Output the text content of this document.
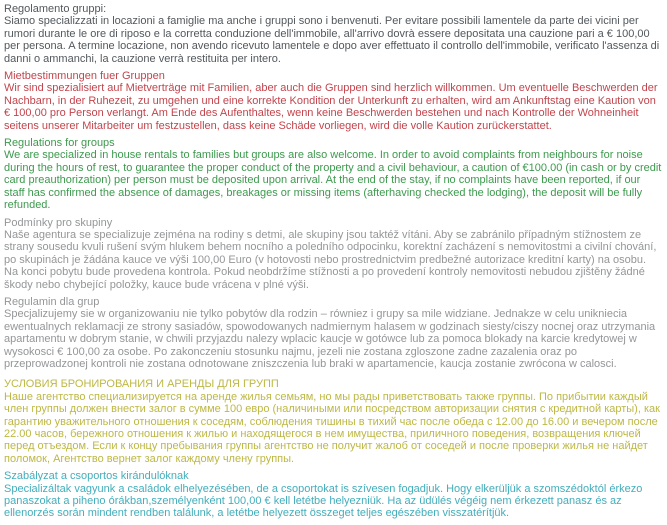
Regolamento gruppi:
Siamo specializzati in locazioni a famiglie ma anche i gruppi sono i benvenuti. Per evitare possibili lamentele da parte dei vicini per rumori durante le ore di riposo e la corretta conduzione dell'immobile, all'arrivo dovrà essere depositata una cauzione pari a € 100,00 per persona. A termine locazione, non avendo ricevuto lamentele e dopo aver effettuato il controllo dell'immobile, verificato l'assenza di danni o ammanchi, la cauzione verrà restituita per intero.
Mietbestimmungen fuer Gruppen
Wir sind spezialisiert auf Mietverträge mit Familien, aber auch die Gruppen sind herzlich willkommen. Um eventuelle Beschwerden der Nachbarn, in der Ruhezeit, zu umgehen und eine korrekte Kondition der Unterkunft zu erhalten, wird am Ankunftstag eine Kaution von € 100,00 pro Person verlangt. Am Ende des Aufenthaltes, wenn keine Beschwerden bestehen und nach Kontrolle der Wohneinheit seitens unserer Mitarbeiter um festzustellen, dass keine Schäde vorliegen, wird die volle Kaution zurückerstattet.
Regulations for groups
We are specialized in house rentals to families but groups are also welcome. In order to avoid complaints from neighbours for noise during the hours of rest, to guarantee the proper conduct of the property and a civil behaviour, a caution of €100.00 (in cash or by credit card preauthorization) per person must be deposited upon arrival. At the end of the stay, if no complaints have been reported, if our staff has confirmed the absence of damages, breakages or missing items (afterhaving checked the lodging), the deposit will be fully refunded.
Podmínky pro skupiny
Naše agentura se specializuje zejména na rodiny s detmi, ale skupiny jsou taktéž vítáni. Aby se zabránilo případným stížnostem ze strany sousedu kvuli rušení svým hlukem behem nocního a poledního odpocinku, korektní zacházení s nemovitostmi a civilní chování, po skupinách je žádána kauce ve výši 100,00 Euro (v hotovosti nebo prostrednictvim predbežné autorizace kreditní karty) na osobu. Na konci pobytu bude provedena kontrola. Pokud neobdržíme stížnosti a po provedení kontroly nemovitosti nebudou zjištěny žádné škody nebo chybející položky, kauce bude vrácena v plné výši.
Regulamin dla grup
Specjalizujemy sie w organizowaniu nie tylko pobytów dla rodzin – równiez i grupy sa mile widziane. Jednakze w celu unikniecia ewentualnych reklamacji ze strony sasiadów, spowodowanych nadmiernym halasem w godzinach siesty/ciszy nocnej oraz utrzymania apartamentu w dobrym stanie, w chwili przyjazdu nalezy wplacic kaucje w gotówce lub za pomoca blokady na karcie kredytowej w wysokosci € 100,00 za osobe. Po zakonczeniu stosunku najmu, jezeli nie zostana zgloszone zadne zazalenia oraz po przeprowadzonej kontroli nie zostana odnotowane zniszczenia lub braki w apartamencie, kaucja zostanie zwrócona w calosci.
УСЛОВИЯ БРОНИРОВАНИЯ И АРЕНДЫ ДЛЯ ГРУПП
Наше агентство специализируется на аренде жилья семьям, но мы рады приветствовать также группы. По прибытии каждый член группы должен внести залог в сумме 100 евро (наличиными или посредством авторизации снятия с кредитной карты), как гарантию уважительного отношения к соседям, соблюдения тишины в тихий час после обеда с 12.00 до 16.00 и вечером после 22.00 часов, бережного отношения к жилью и находящегося в нем имущества, приличного поведения, возвращения ключей перед отъездом. Если к концу пребывания группы агентство не получит жалоб от соседей и после проверки жилья не найдет поломок, Агентство вернет залог каждому члену группы.
Szabályzat a csoportos kirándulóknak
Specializáltak vagyunk a családok elhelyezésében, de a csoportokat is szívesen fogadjuk. Hogy elkerüljük a szomszédoktól érkezo panaszokat a piheno órákban,személyenként 100,00 € kell letétbe helyezniük. Ha az üdülés végéig nem érkezett panasz és az ellenorzés során mindent rendben találunk, a letétbe helyezett összeget teljes egészében visszatérítjük.
